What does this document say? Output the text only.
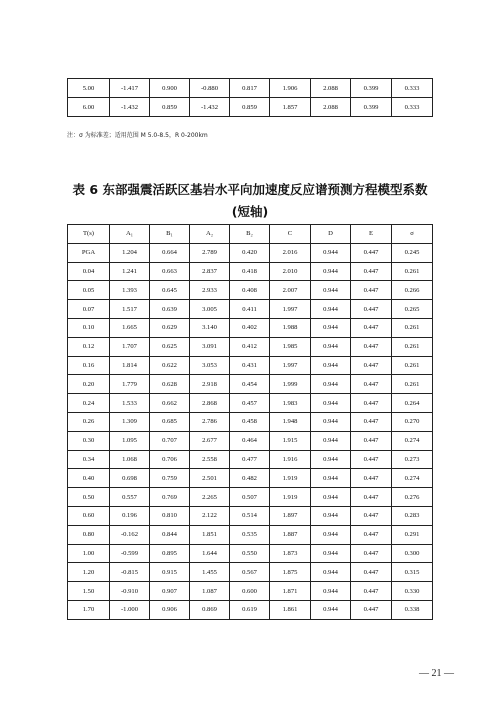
5.00	-1.417	0.900	-0.880	0.817	1.906	2.088	0.399	0.333
6.00	-1.432	0.859	-1.432	0.859	1.857	2.088	0.399	0.333
注：σ 为标准差；适用范围 M 5.0-8.5，R 0-200km
表 6 东部强震活跃区基岩水平向加速度反应谱预测方程模型系数
(短轴)
T(s)	A₁	B₁	A₂	B₂	C	D	E	σ
PGA	1.204	0.664	2.789	0.420	2.016	0.944	0.447	0.245
0.04	1.241	0.663	2.837	0.418	2.010	0.944	0.447	0.261
0.05	1.393	0.645	2.933	0.408	2.007	0.944	0.447	0.266
0.07	1.517	0.639	3.005	0.411	1.997	0.944	0.447	0.265
0.10	1.665	0.629	3.140	0.402	1.988	0.944	0.447	0.261
0.12	1.707	0.625	3.091	0.412	1.985	0.944	0.447	0.261
0.16	1.814	0.622	3.053	0.431	1.997	0.944	0.447	0.261
0.20	1.779	0.628	2.918	0.454	1.999	0.944	0.447	0.261
0.24	1.533	0.662	2.868	0.457	1.983	0.944	0.447	0.264
0.26	1.309	0.685	2.786	0.458	1.948	0.944	0.447	0.270
0.30	1.095	0.707	2.677	0.464	1.915	0.944	0.447	0.274
0.34	1.068	0.706	2.558	0.477	1.916	0.944	0.447	0.273
0.40	0.698	0.759	2.501	0.482	1.919	0.944	0.447	0.274
0.50	0.557	0.769	2.265	0.507	1.919	0.944	0.447	0.276
0.60	0.196	0.810	2.122	0.514	1.897	0.944	0.447	0.283
0.80	-0.162	0.844	1.851	0.535	1.887	0.944	0.447	0.291
1.00	-0.599	0.895	1.644	0.550	1.873	0.944	0.447	0.300
1.20	-0.815	0.915	1.455	0.567	1.875	0.944	0.447	0.315
1.50	-0.910	0.907	1.087	0.600	1.871	0.944	0.447	0.330
1.70	-1.000	0.906	0.869	0.619	1.861	0.944	0.447	0.338
— 21 —
